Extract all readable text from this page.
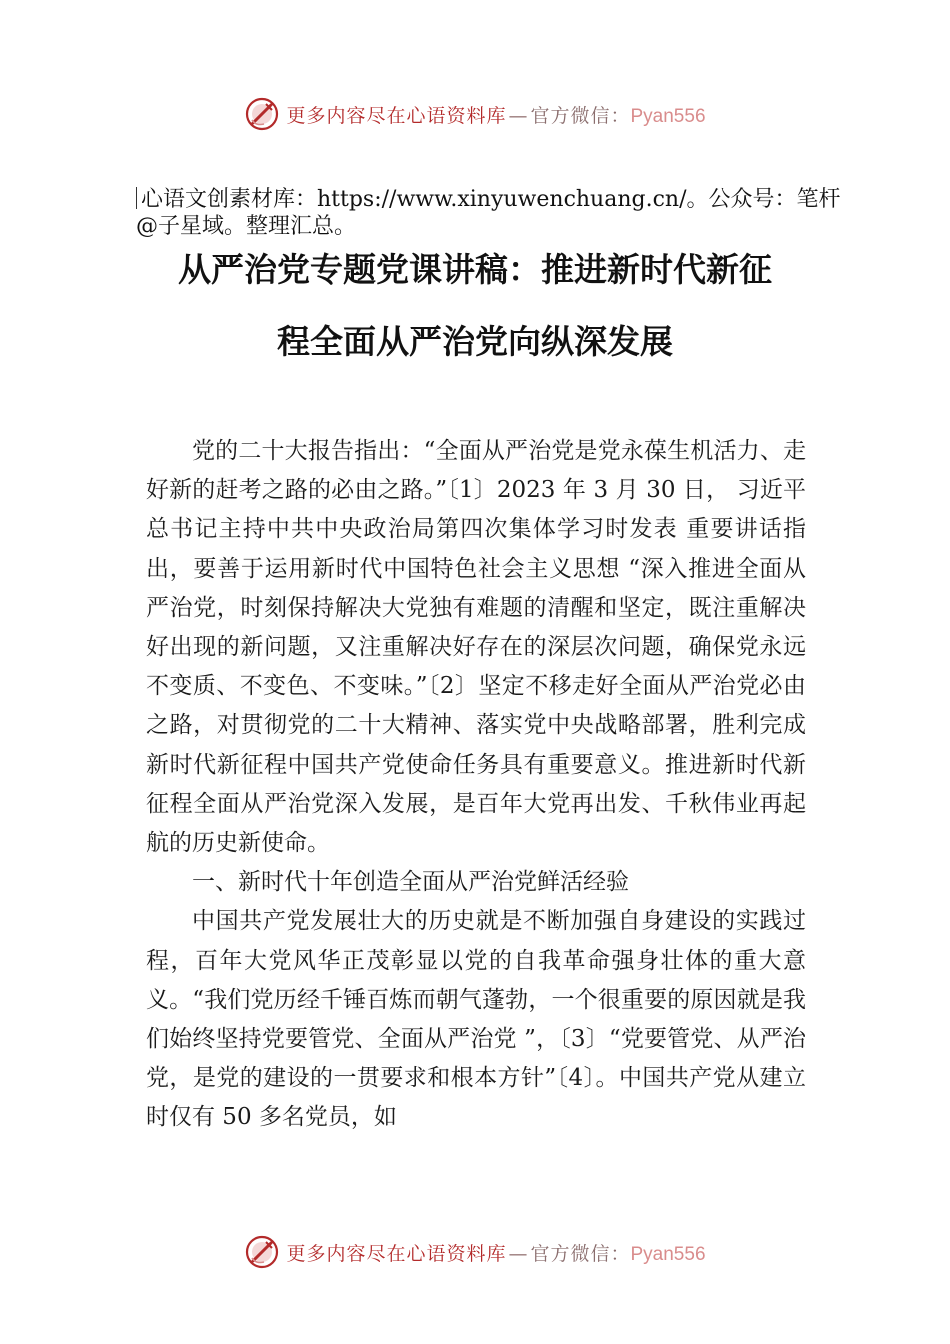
更多内容尽在心语资料库 — 官方微信：Pyan556
心语文创素材库：https://www.xinyuwenchuang.cn/。公众号：笔杆@子星域。整理汇总。
从严治党专题党课讲稿：推进新时代新征
程全面从严治党向纵深发展

党的二十大报告指出：“全面从严治党是党永葆生机活力、走好新的赶考之路的必由之路。”〔1〕2023 年 3 月 30 日， 习近平总书记主持中共中央政治局第四次集体学习时发表 重要讲话指出，要善于运用新时代中国特色社会主义思想 “深入推进全面从严治党，时刻保持解决大党独有难题的清醒和坚定，既注重解决好出现的新问题，又注重解决好存在的深层次问题，确保党永远不变质、不变色、不变味。”〔2〕坚定不移走好全面从严治党必由之路，对贯彻党的二十大精神、落实党中央战略部署，胜利完成新时代新征程中国共产党使命任务具有重要意义。推进新时代新征程全面从严治党深入发展，是百年大党再出发、千秋伟业再起航的历史新使命。

一、新时代十年创造全面从严治党鲜活经验

中国共产党发展壮大的历史就是不断加强自身建设的实践过程，百年大党风华正茂彰显以党的自我革命强身壮体的重大意义。“我们党历经千锤百炼而朝气蓬勃，一个很重要的原因就是我们始终坚持党要管党、全面从严治党 ”，〔3〕“党要管党、从严治党，是党的建设的一贯要求和根本方针”〔4〕。中国共产党从建立时仅有 50 多名党员，如

更多内容尽在心语资料库 — 官方微信：Pyan556
